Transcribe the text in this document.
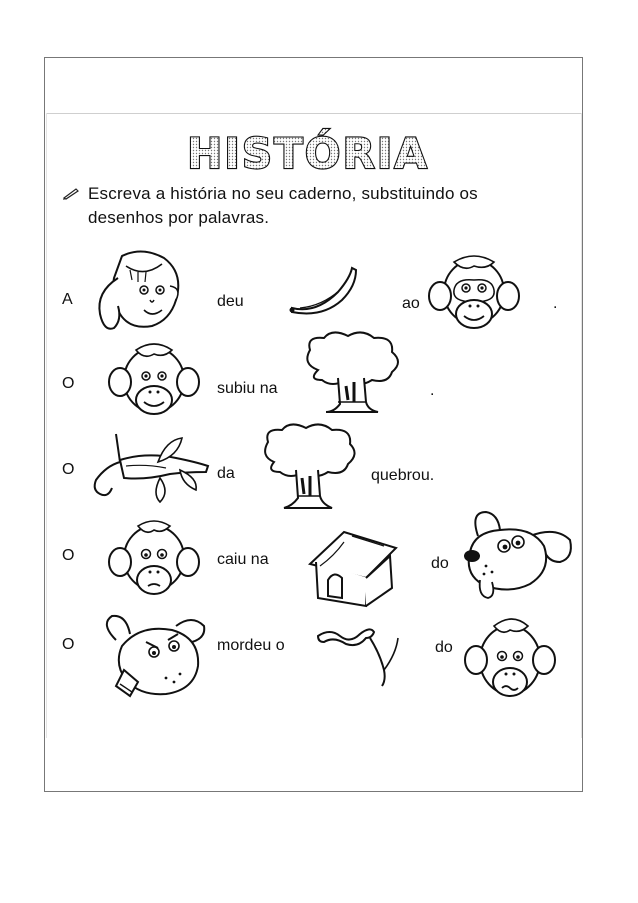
HISTÓRIA
Escreva a história no seu caderno, substituindo os desenhos por palavras.
A	deu	ao	.
O	subiu na	.
O	da	quebrou.
O	caiu na	do
O	mordeu o	do
